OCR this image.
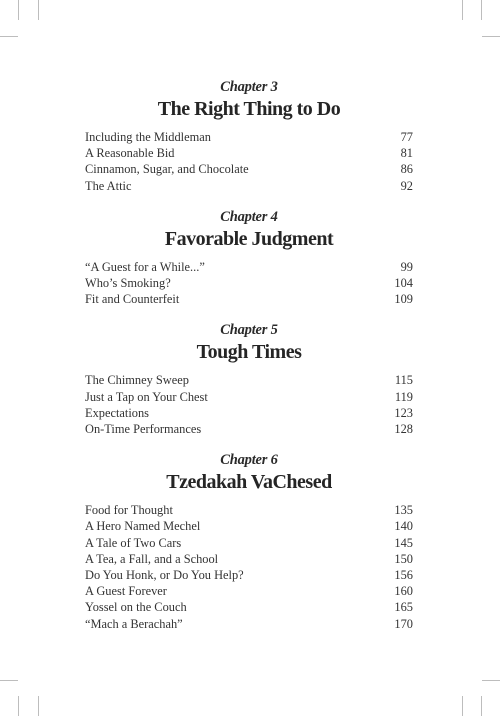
Chapter 3
The Right Thing to Do
Including the Middleman	77
A Reasonable Bid	81
Cinnamon, Sugar, and Chocolate	86
The Attic	92
Chapter 4
Favorable Judgment
“A Guest for a While...”	99
Who’s Smoking?	104
Fit and Counterfeit	109
Chapter 5
Tough Times
The Chimney Sweep	115
Just a Tap on Your Chest	119
Expectations	123
On-Time Performances	128
Chapter 6
Tzedakah VaChesed
Food for Thought	135
A Hero Named Mechel	140
A Tale of Two Cars	145
A Tea, a Fall, and a School	150
Do You Honk, or Do You Help?	156
A Guest Forever	160
Yossel on the Couch	165
“Mach a Berachah”	170
